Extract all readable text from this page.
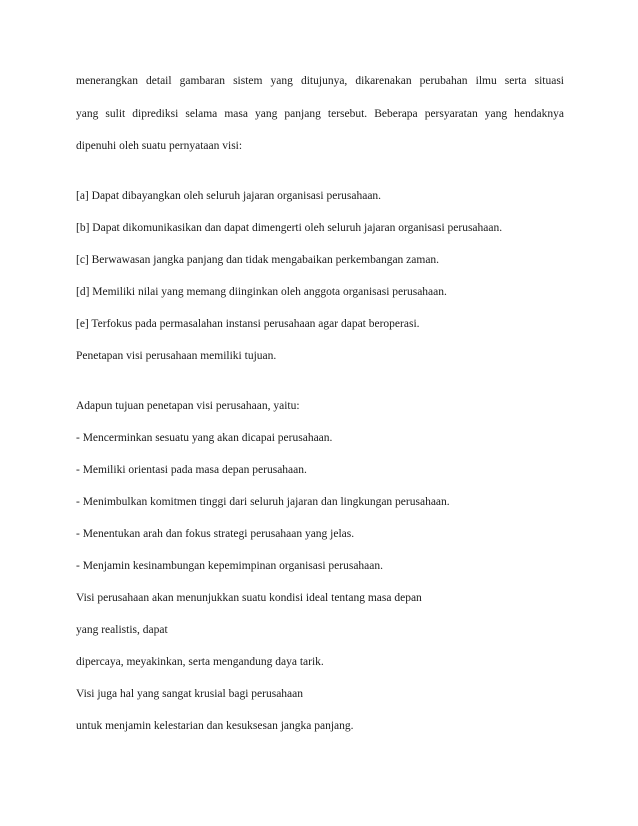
menerangkan detail gambaran sistem yang ditujunya, dikarenakan perubahan ilmu serta situasi
yang sulit diprediksi selama masa yang panjang tersebut. Beberapa persyaratan yang hendaknya
dipenuhi oleh suatu pernyataan visi:
[a] Dapat dibayangkan oleh seluruh jajaran organisasi perusahaan.
[b] Dapat dikomunikasikan dan dapat dimengerti oleh seluruh jajaran organisasi perusahaan.
[c] Berwawasan jangka panjang dan tidak mengabaikan perkembangan zaman.
[d] Memiliki nilai yang memang diinginkan oleh anggota organisasi perusahaan.
[e] Terfokus pada permasalahan instansi perusahaan agar dapat beroperasi.
Penetapan visi perusahaan memiliki tujuan.
Adapun tujuan penetapan visi perusahaan, yaitu:
- Mencerminkan sesuatu yang akan dicapai perusahaan.
- Memiliki orientasi pada masa depan perusahaan.
- Menimbulkan komitmen tinggi dari seluruh jajaran dan lingkungan perusahaan.
- Menentukan arah dan fokus strategi perusahaan yang jelas.
- Menjamin kesinambungan kepemimpinan organisasi perusahaan.
Visi perusahaan akan menunjukkan suatu kondisi ideal tentang masa depan
yang realistis, dapat
dipercaya, meyakinkan, serta mengandung daya tarik.
Visi juga hal yang sangat krusial bagi perusahaan
untuk menjamin kelestarian dan kesuksesan jangka panjang.
